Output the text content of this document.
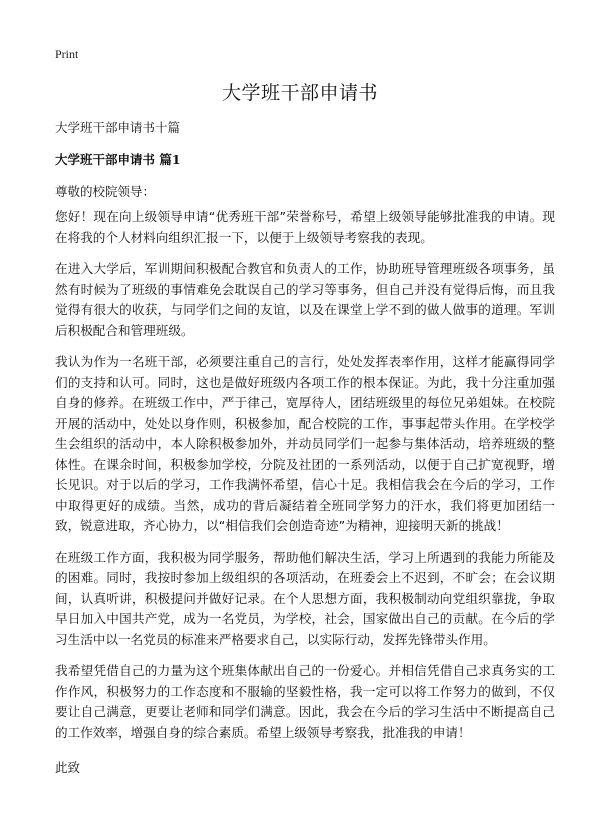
Print
大学班干部申请书
大学班干部申请书十篇
大学班干部申请书 篇1
尊敬的校院领导：

您好！现在向上级领导申请“优秀班干部”荣誉称号，希望上级领导能够批准我的申请。现在将我的个人材料向组织汇报一下，以便于上级领导考察我的表现。

在进入大学后，军训期间积极配合教官和负责人的工作，协助班导管理班级各项事务，虽然有时候为了班级的事情难免会耽误自己的学习等事务，但自己并没有觉得后悔，而且我觉得有很大的收获，与同学们之间的友谊，以及在课堂上学不到的做人做事的道理。军训后积极配合和管理班级。

我认为作为一名班干部，必须要注重自己的言行，处处发挥表率作用，这样才能赢得同学们的支持和认可。同时，这也是做好班级内各项工作的根本保证。为此，我十分注重加强自身的修养。在班级工作中，严于律己，宽厚待人，团结班级里的每位兄弟姐妹。在校院开展的活动中，处处以身作则，积极参加，配合校院的工作，事事起带头作用。在学校学生会组织的活动中，本人除积极参加外，并动员同学们一起参与集体活动，培养班级的整体性。在课余时间，积极参加学校，分院及社团的一系列活动，以便于自己扩宽视野，增长见识。对于以后的学习，工作我满怀希望，信心十足。我相信我会在今后的学习，工作中取得更好的成绩。当然，成功的背后凝结着全班同学努力的汗水，我们将更加团结一致，锐意进取，齐心协力，以“相信我们会创造奇迹”为精神，迎接明天新的挑战！

在班级工作方面，我积极为同学服务，帮助他们解决生活，学习上所遇到的我能力所能及的困难。同时，我按时参加上级组织的各项活动，在班委会上不迟到，不旷会；在会议期间，认真听讲，积极提问并做好记录。在个人思想方面，我积极制动向党组织靠拢，争取早日加入中国共产党，成为一名党员，为学校，社会，国家做出自己的贡献。在今后的学习生活中以一名党员的标准来严格要求自己，以实际行动，发挥先锋带头作用。

我希望凭借自己的力量为这个班集体献出自己的一份爱心。并相信凭借自己求真务实的工作作风，积极努力的工作态度和不服输的坚毅性格，我一定可以将工作努力的做到，不仅要让自己满意，更要让老师和同学们满意。因此，我会在今后的学习生活中不断提高自己的工作效率，增强自身的综合素质。希望上级领导考察我，批准我的申请！

此致
